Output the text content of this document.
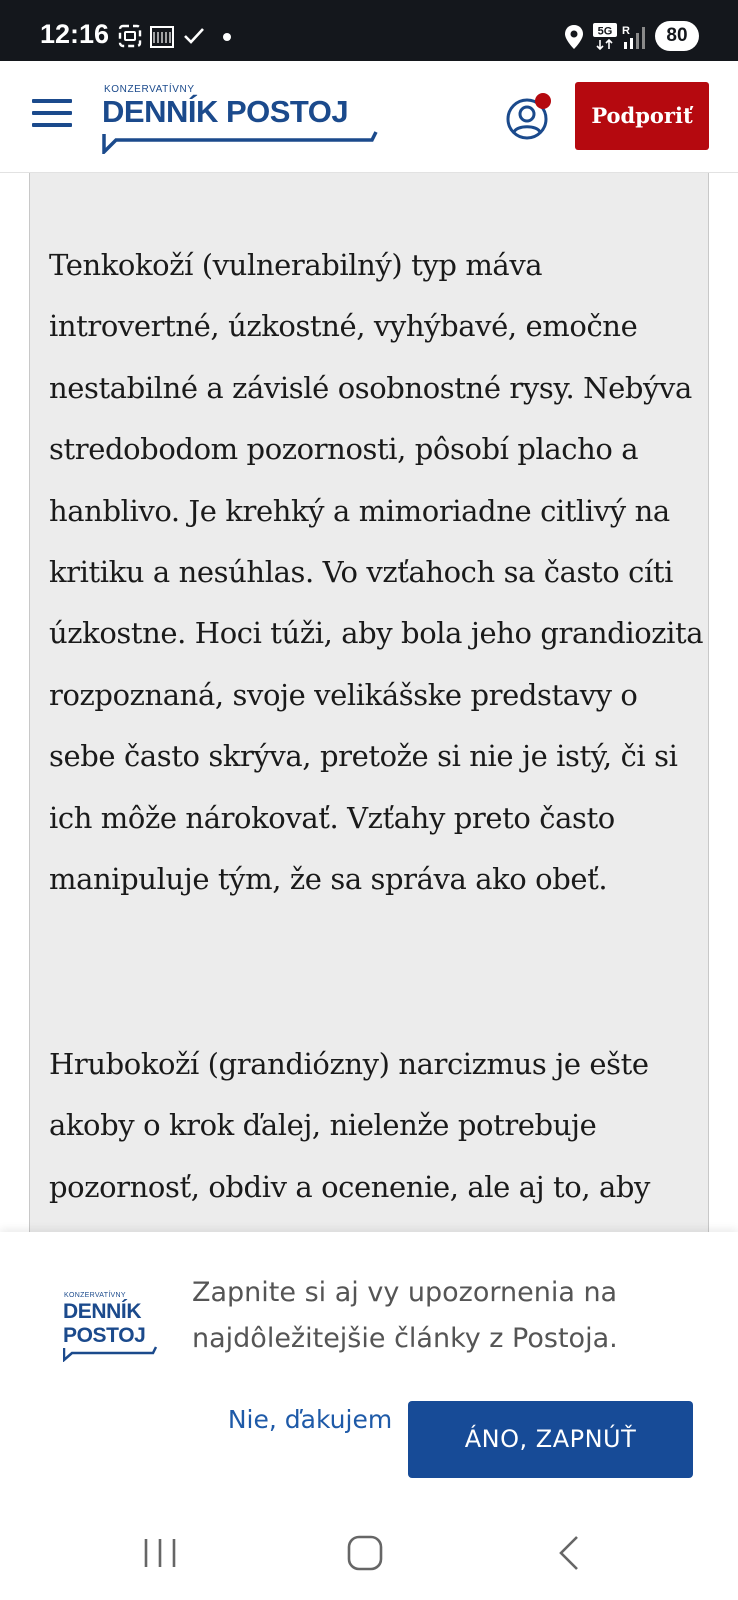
12:16	5G R	80
KONZERVATÍVNY
DENNÍK POSTOJ	Podporiť
Tenkokoží (vulnerabilný) typ máva introvertné, úzkostné, vyhýbavé, emočne nestabilné a závislé osobnostné rysy. Nebýva stredobodom pozornosti, pôsobí placho a hanblivo. Je krehký a mimoriadne citlivý na kritiku a nesúhlas. Vo vzťahoch sa často cíti úzkostne. Hoci túži, aby bola jeho grandiozita rozpoznaná, svoje velikášske predstavy o sebe často skrýva, pretože si nie je istý, či si ich môže nárokovať. Vzťahy preto často manipuluje tým, že sa správa ako obeť.
Hrubokoží (grandiózny) narcizmus je ešte akoby o krok ďalej, nielenže potrebuje pozornosť, obdiv a ocenenie, ale aj to, aby
KONZERVATÍVNY
DENNÍK
POSTOJ
Zapnite si aj vy upozornenia na najdôležitejšie články z Postoja.
Nie, ďakujem
ÁNO, ZAPNÚŤ
